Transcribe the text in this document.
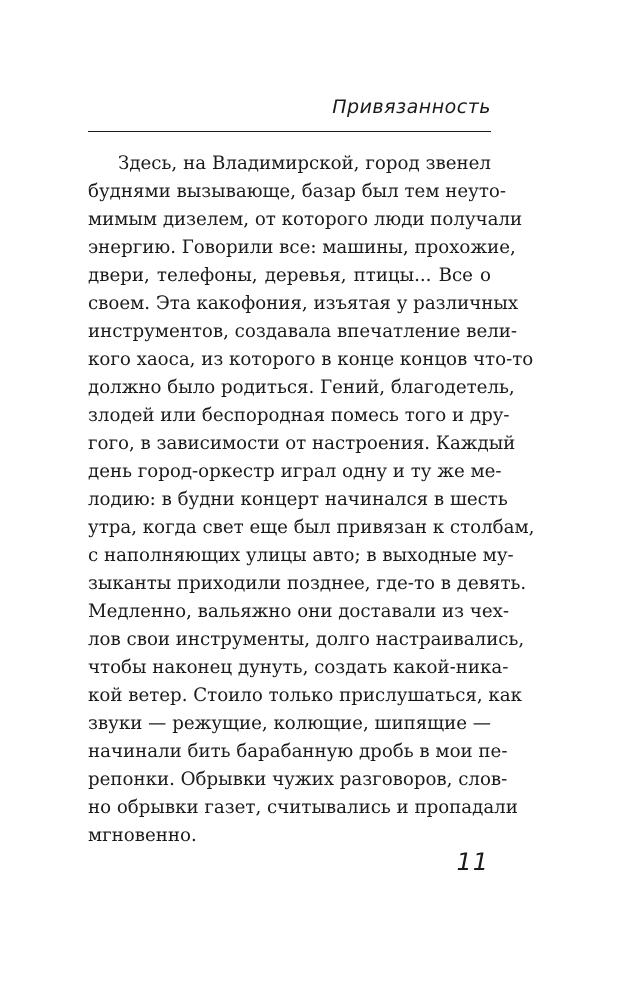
Привязанность
Здесь, на Владимирской, город звенел
буднями вызывающе, базар был тем неуто-
мимым дизелем, от которого люди получали
энергию. Говорили все: машины, прохожие,
двери, телефоны, деревья, птицы... Все о
своем. Эта какофония, изъятая у различных
инструментов, создавала впечатление вели-
кого хаоса, из которого в конце концов что-то
должно было родиться. Гений, благодетель,
злодей или беспородная помесь того и дру-
гого, в зависимости от настроения. Каждый
день город-оркестр играл одну и ту же ме-
лодию: в будни концерт начинался в шесть
утра, когда свет еще был привязан к столбам,
с наполняющих улицы авто; в выходные му-
зыканты приходили позднее, где-то в девять.
Медленно, вальяжно они доставали из чех-
лов свои инструменты, долго настраивались,
чтобы наконец дунуть, создать какой-ника-
кой ветер. Стоило только прислушаться, как
звуки — режущие, колющие, шипящие —
начинали бить барабанную дробь в мои пе-
репонки. Обрывки чужих разговоров, слов-
но обрывки газет, считывались и пропадали
мгновенно.
11
